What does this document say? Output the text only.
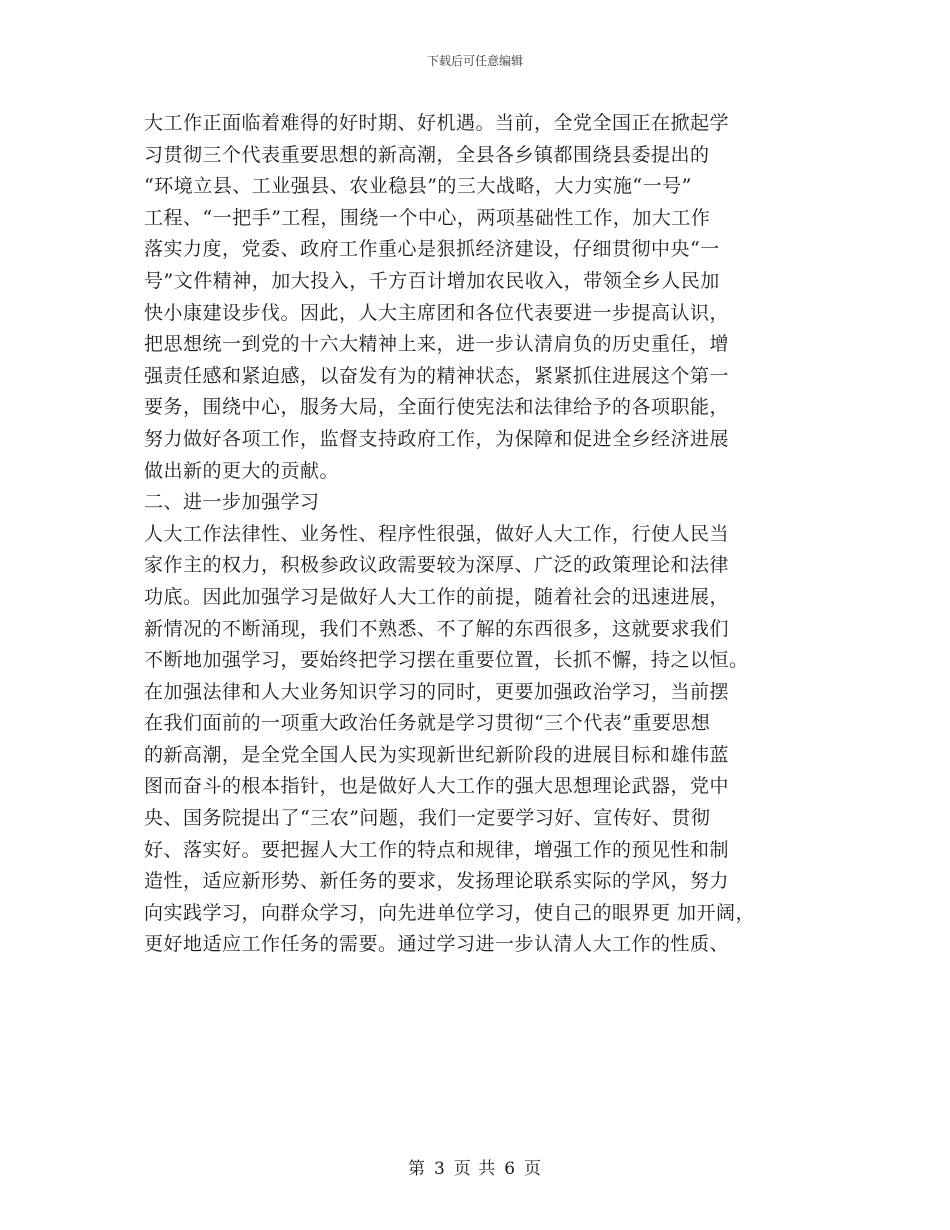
下载后可任意编辑
大工作正面临着难得的好时期、好机遇。当前，全党全国正在掀起学
习贯彻三个代表重要思想的新高潮，全县各乡镇都围绕县委提出的
“环境立县、工业强县、农业稳县”的三大战略，大力实施“一号”
工程、“一把手”工程，围绕一个中心，两项基础性工作，加大工作
落实力度，党委、政府工作重心是狠抓经济建设，仔细贯彻中央“一
号”文件精神，加大投入，千方百计增加农民收入，带领全乡人民加
快小康建设步伐。因此，人大主席团和各位代表要进一步提高认识，
把思想统一到党的十六大精神上来，进一步认清肩负的历史重任，增
强责任感和紧迫感，以奋发有为的精神状态，紧紧抓住进展这个第一
要务，围绕中心，服务大局，全面行使宪法和法律给予的各项职能，
努力做好各项工作，监督支持政府工作，为保障和促进全乡经济进展
做出新的更大的贡献。
二、进一步加强学习
人大工作法律性、业务性、程序性很强，做好人大工作，行使人民当
家作主的权力，积极参政议政需要较为深厚、广泛的政策理论和法律
功底。因此加强学习是做好人大工作的前提，随着社会的迅速进展，
新情况的不断涌现，我们不熟悉、不了解的东西很多，这就要求我们
不断地加强学习，要始终把学习摆在重要位置，长抓不懈，持之以恒。
在加强法律和人大业务知识学习的同时，更要加强政治学习，当前摆
在我们面前的一项重大政治任务就是学习贯彻“三个代表”重要思想
的新高潮，是全党全国人民为实现新世纪新阶段的进展目标和雄伟蓝
图而奋斗的根本指针，也是做好人大工作的强大思想理论武器，党中
央、国务院提出了“三农”问题，我们一定要学习好、宣传好、贯彻
好、落实好。要把握人大工作的特点和规律，增强工作的预见性和制
造性，适应新形势、新任务的要求，发扬理论联系实际的学风，努力
向实践学习，向群众学习，向先进单位学习，使自己的眼界更 加开阔，
更好地适应工作任务的需要。通过学习进一步认清人大工作的性质、
第 3 页 共 6 页
